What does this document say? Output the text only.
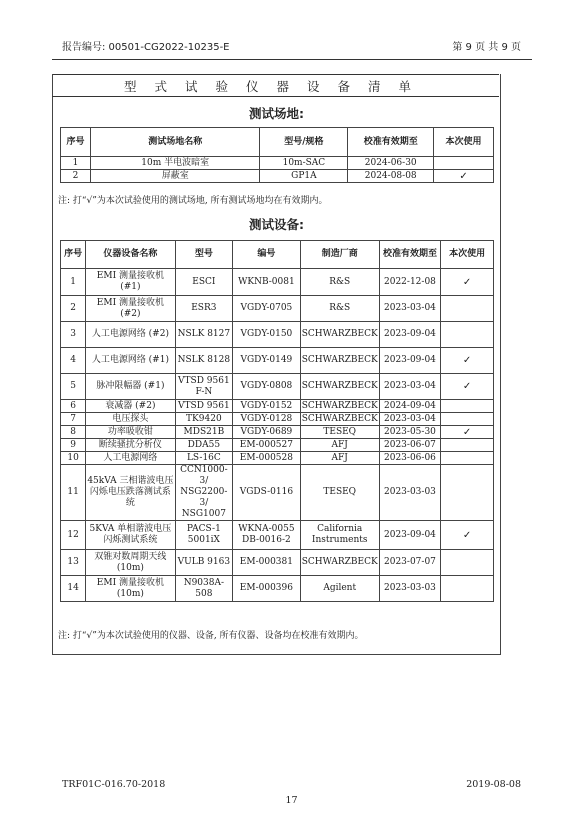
报告编号: 00501-CG2022-10235-E	第 9 页 共 9 页
型式试验仪器设备清单
测试场地:
序号	测试场地名称	型号/规格	校准有效期至	本次使用
1	10m 半电波暗室	10m-SAC	2024-06-30	
2	屏蔽室	GP1A	2024-08-08	✓
注: 打“√”为本次试验使用的测试场地, 所有测试场地均在有效期内。
测试设备:
序号	仪器设备名称	型号	编号	制造厂商	校准有效期至	本次使用
1	EMI 测量接收机 (#1)	ESCI	WKNB-0081	R&S	2022-12-08	✓
2	EMI 测量接收机 (#2)	ESR3	VGDY-0705	R&S	2023-03-04	
3	人工电源网络 (#2)	NSLK 8127	VGDY-0150	SCHWARZBECK	2023-09-04	
4	人工电源网络 (#1)	NSLK 8128	VGDY-0149	SCHWARZBECK	2023-09-04	✓
5	脉冲限幅器 (#1)	VTSD 9561 F-N	VGDY-0808	SCHWARZBECK	2023-03-04	✓
6	衰减器 (#2)	VTSD 9561	VGDY-0152	SCHWARZBECK	2024-09-04	
7	电压探头	TK9420	VGDY-0128	SCHWARZBECK	2023-03-04	
8	功率吸收钳	MDS21B	VGDY-0689	TESEQ	2023-05-30	✓
9	断续骚扰分析仪	DDA55	EM-000527	AFJ	2023-06-07	
10	人工电源网络	LS-16C	EM-000528	AFJ	2023-06-06	
11	45kVA 三相谐波电压闪烁电压跌落测试系统	CCN1000-3/ NSG2200-3/ NSG1007	VGDS-0116	TESEQ	2023-03-03	
12	5KVA 单相谐波电压闪烁测试系统	PACS-1 5001iX	WKNA-0055 DB-0016-2	California Instruments	2023-09-04	✓
13	双锥对数周期天线 (10m)	VULB 9163	EM-000381	SCHWARZBECK	2023-07-07	
14	EMI 测量接收机 (10m)	N9038A-508	EM-000396	Agilent	2023-03-03	
注: 打“√”为本次试验使用的仪器、设备, 所有仪器、设备均在校准有效期内。
TRF01C-016.70-2018
17
2019-08-08
